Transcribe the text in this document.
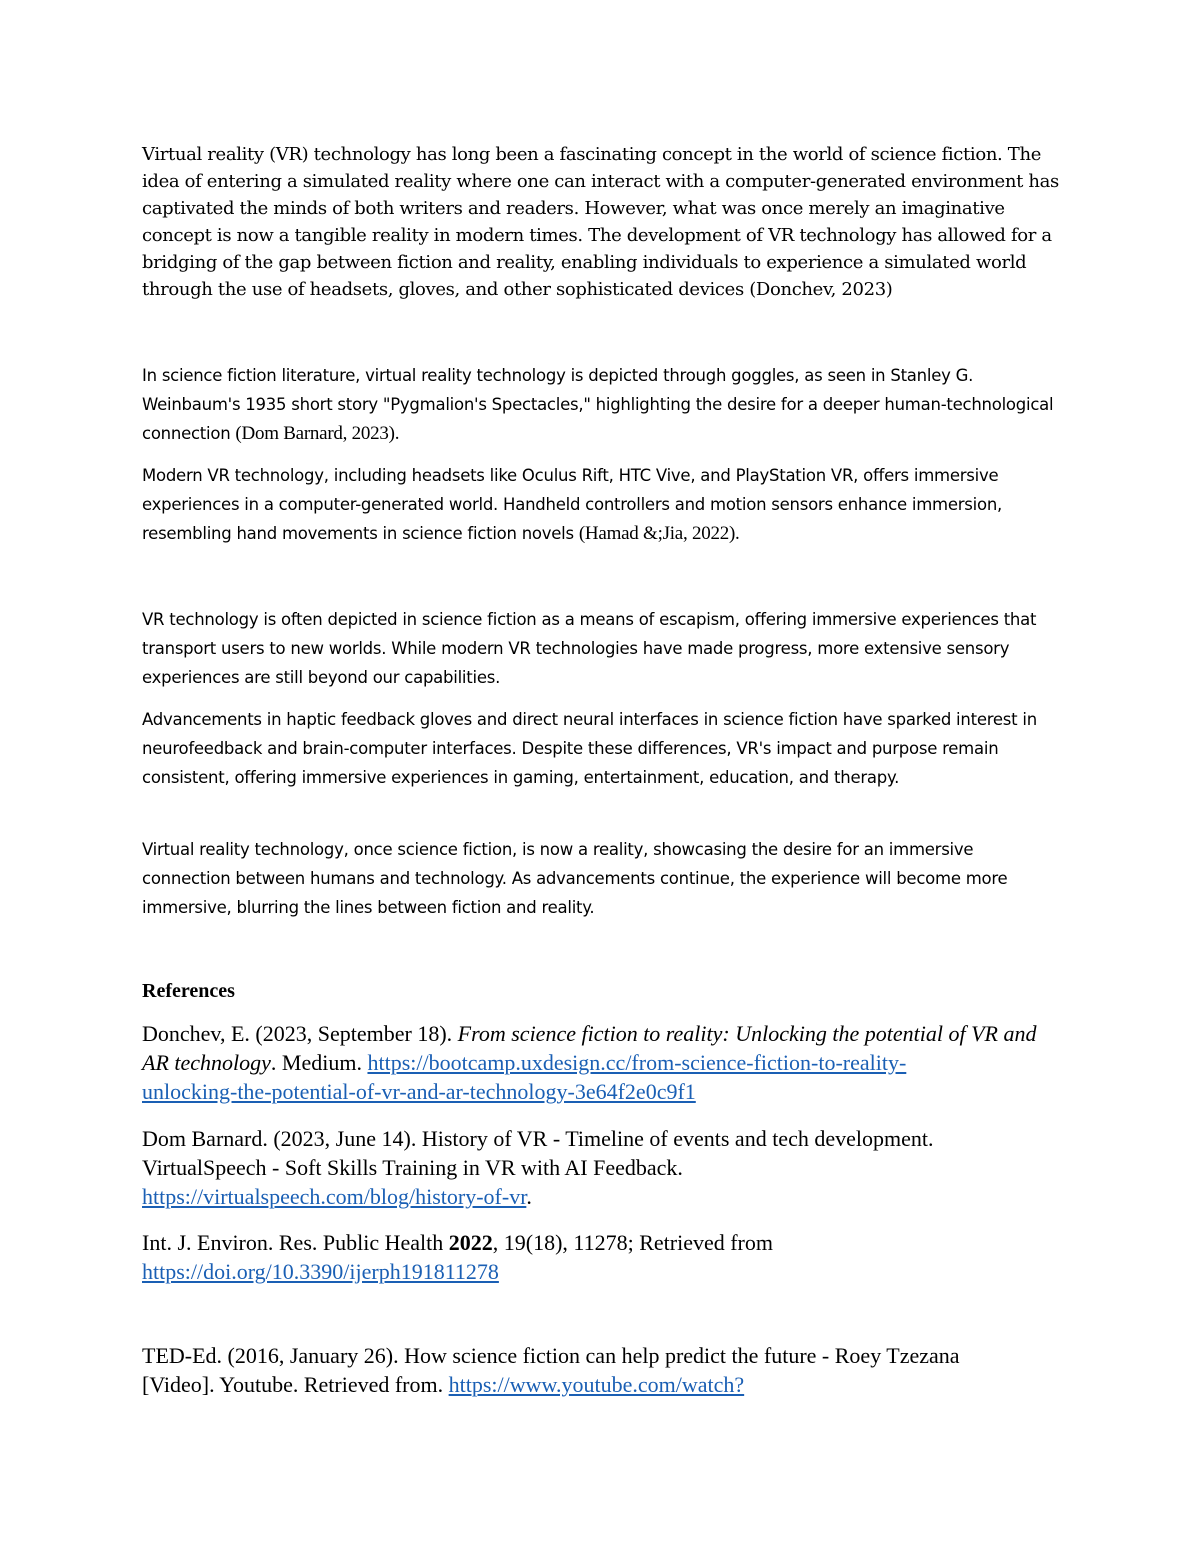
Virtual reality (VR) technology has long been a fascinating concept in the world of science fiction. The idea of entering a simulated reality where one can interact with a computer-generated environment has captivated the minds of both writers and readers. However, what was once merely an imaginative concept is now a tangible reality in modern times. The development of VR technology has allowed for a bridging of the gap between fiction and reality, enabling individuals to experience a simulated world through the use of headsets, gloves, and other sophisticated devices (Donchev, 2023)

In science fiction literature, virtual reality technology is depicted through goggles, as seen in Stanley G. Weinbaum's 1935 short story "Pygmalion's Spectacles," highlighting the desire for a deeper human-technological connection (Dom Barnard, 2023).

Modern VR technology, including headsets like Oculus Rift, HTC Vive, and PlayStation VR, offers immersive experiences in a computer-generated world. Handheld controllers and motion sensors enhance immersion, resembling hand movements in science fiction novels (Hamad &;Jia, 2022).

VR technology is often depicted in science fiction as a means of escapism, offering immersive experiences that transport users to new worlds. While modern VR technologies have made progress, more extensive sensory experiences are still beyond our capabilities.

Advancements in haptic feedback gloves and direct neural interfaces in science fiction have sparked interest in neurofeedback and brain-computer interfaces. Despite these differences, VR's impact and purpose remain consistent, offering immersive experiences in gaming, entertainment, education, and therapy.

Virtual reality technology, once science fiction, is now a reality, showcasing the desire for an immersive connection between humans and technology. As advancements continue, the experience will become more immersive, blurring the lines between fiction and reality.

References
Donchev, E. (2023, September 18). From science fiction to reality: Unlocking the potential of VR and AR technology. Medium. https://bootcamp.uxdesign.cc/from-science-fiction-to-reality-
unlocking-the-potential-of-vr-and-ar-technology-3e64f2e0c9f1
Dom Barnard. (2023, June 14). History of VR - Timeline of events and tech development.
VirtualSpeech - Soft Skills Training in VR with AI Feedback.
https://virtualspeech.com/blog/history-of-vr.
Int. J. Environ. Res. Public Health 2022, 19(18), 11278; Retrieved from
https://doi.org/10.3390/ijerph191811278
TED-Ed. (2016, January 26). How science fiction can help predict the future - Roey Tzezana
[Video]. Youtube. Retrieved from. https://www.youtube.com/watch?
